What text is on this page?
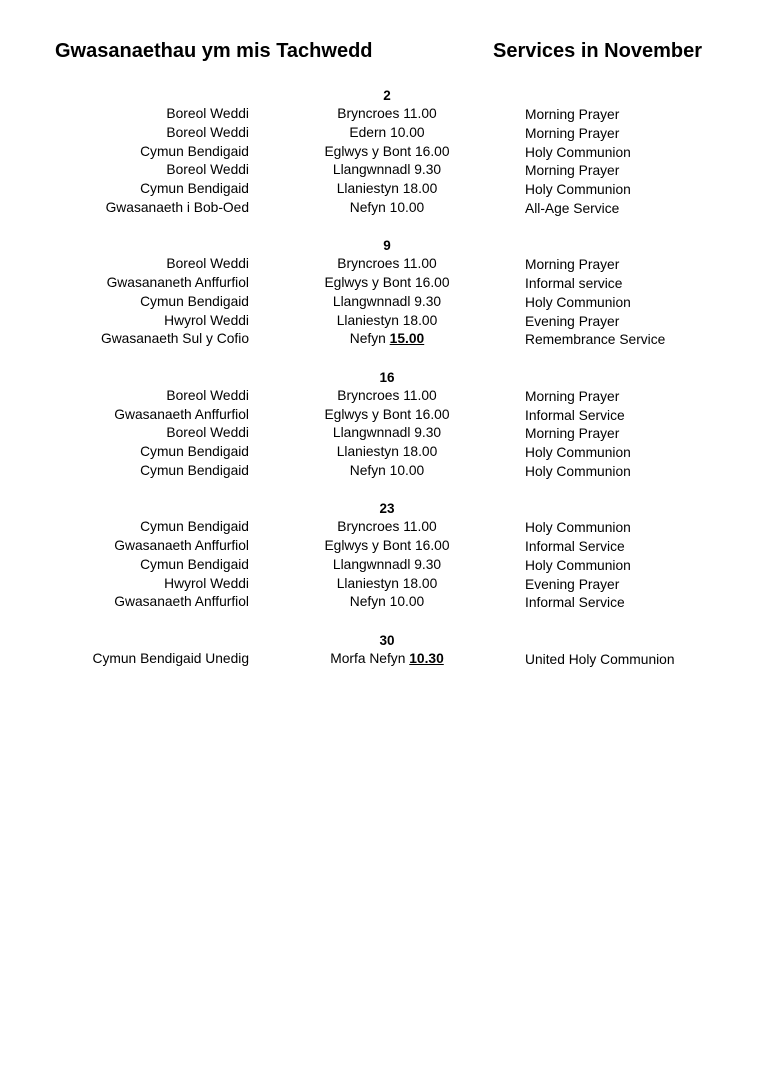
Gwasanaethau ym mis Tachwedd	Services in November
2
Boreol Weddi	Bryncroes 11.00	Morning Prayer
Boreol Weddi	Edern 10.00	Morning Prayer
Cymun Bendigaid	Eglwys y Bont 16.00	Holy Communion
Boreol Weddi	Llangwnnadl 9.30	Morning Prayer
Cymun Bendigaid	Llaniestyn 18.00	Holy Communion
Gwasanaeth i Bob-Oed	Nefyn 10.00	All-Age Service
9
Boreol Weddi	Bryncroes 11.00	Morning Prayer
Gwasananeth Anffurfiol	Eglwys y Bont 16.00	Informal service
Cymun Bendigaid	Llangwnnadl 9.30	Holy Communion
Hwyrol Weddi	Llaniestyn 18.00	Evening Prayer
Gwasanaeth Sul y Cofio	Nefyn 15.00	Remembrance Service
16
Boreol Weddi	Bryncroes 11.00	Morning Prayer
Gwasanaeth Anffurfiol	Eglwys y Bont 16.00	Informal Service
Boreol Weddi	Llangwnnadl 9.30	Morning Prayer
Cymun Bendigaid	Llaniestyn 18.00	Holy Communion
Cymun Bendigaid	Nefyn 10.00	Holy Communion
23
Cymun Bendigaid	Bryncroes 11.00	Holy Communion
Gwasanaeth Anffurfiol	Eglwys y Bont 16.00	Informal Service
Cymun Bendigaid	Llangwnnadl 9.30	Holy Communion
Hwyrol Weddi	Llaniestyn 18.00	Evening Prayer
Gwasanaeth Anffurfiol	Nefyn 10.00	Informal Service
30
Cymun Bendigaid Unedig	Morfa Nefyn 10.30	United Holy Communion
